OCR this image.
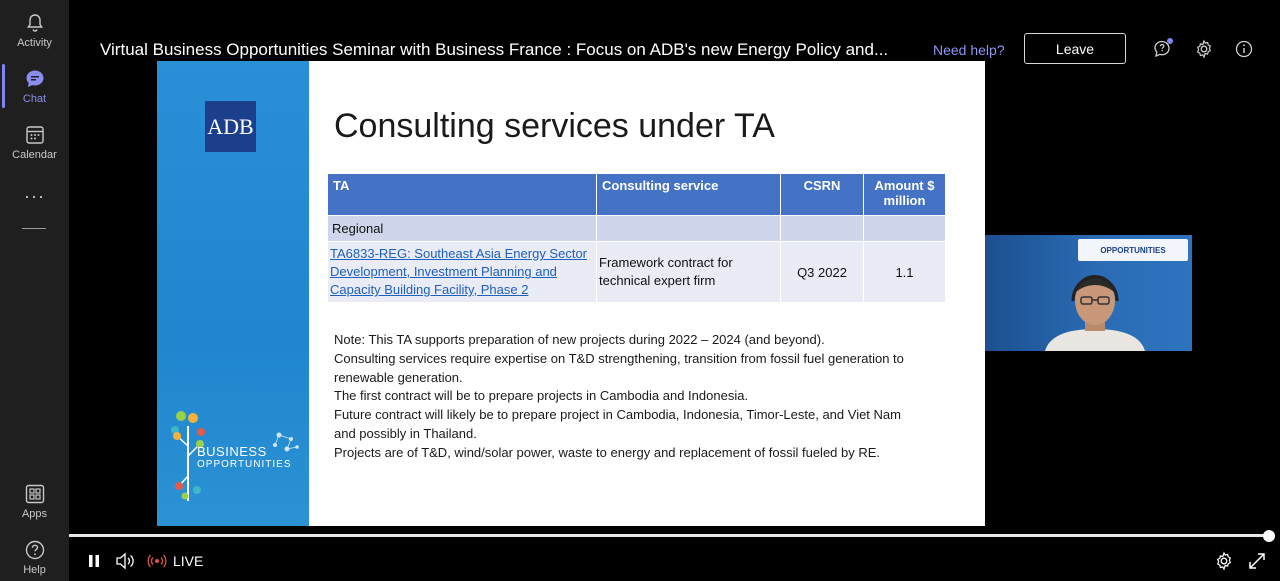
Activity
Chat
Calendar
···
Apps
Help
Virtual Business Opportunities Seminar with Business France : Focus on ADB's new Energy Policy and...	Need help?	Leave
ADB
BUSINESS
OPPORTUNITIES
Consulting services under TA
TA	Consulting service	CSRN	Amount $ million
Regional			
TA6833-REG: Southeast Asia Energy Sector Development, Investment Planning and Capacity Building Facility, Phase 2	Framework contract for technical expert firm	Q3 2022	1.1

Note: This TA supports preparation of new projects during 2022 – 2024 (and beyond).

Consulting services require expertise on T&D strengthening, transition from fossil fuel generation to renewable generation.

The first contract will be to prepare projects in Cambodia and Indonesia.

Future contract will likely be to prepare project in Cambodia, Indonesia, Timor-Leste, and Viet Nam and possibly in Thailand.

Projects are of T&D, wind/solar power, waste to energy and replacement of fossil fueled by RE.

OPPORTUNITIES
LIVE
